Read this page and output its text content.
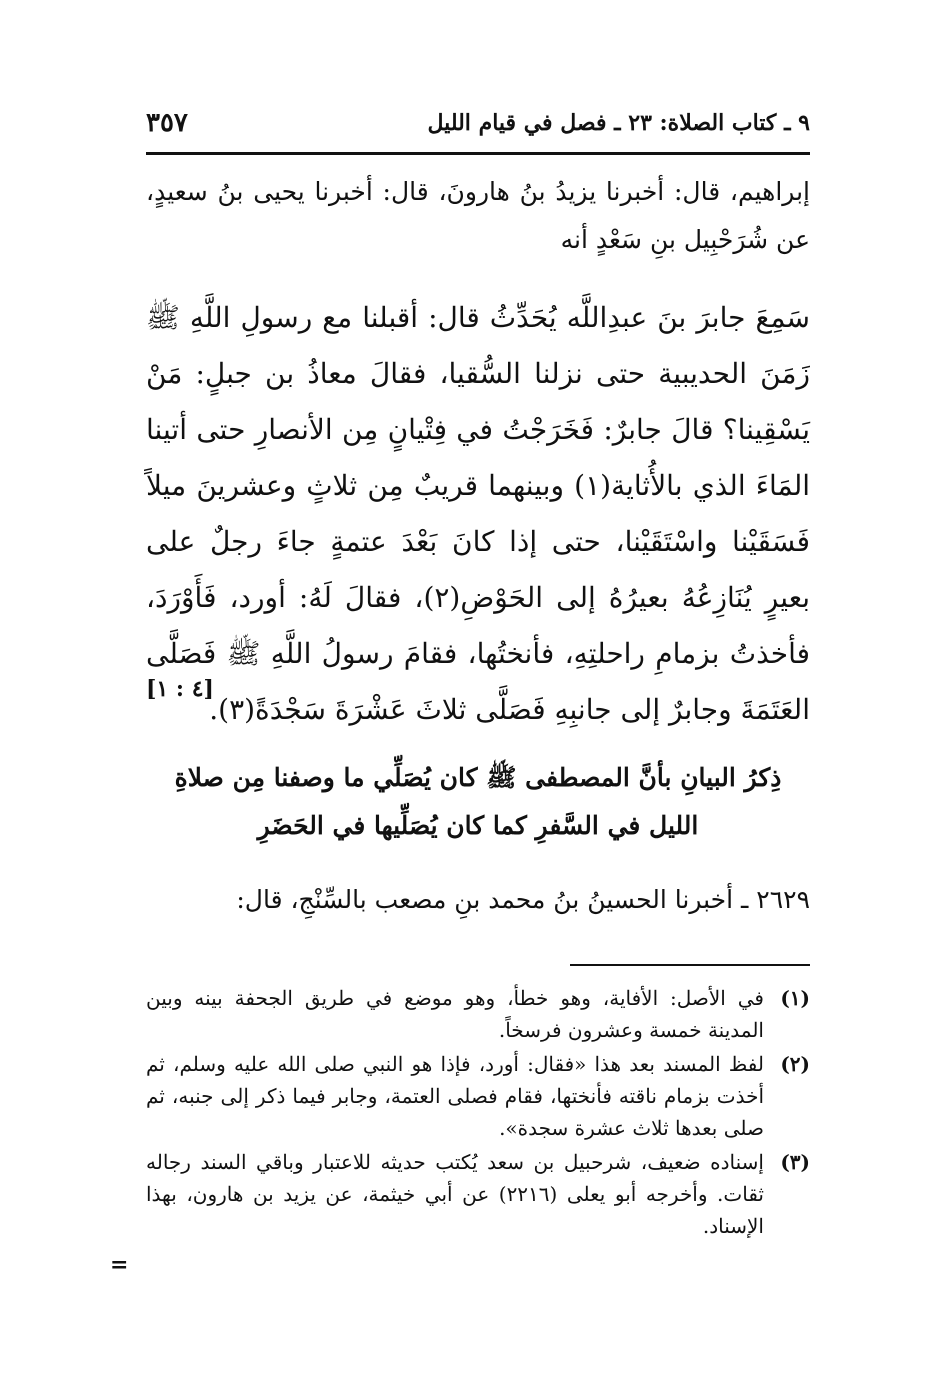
٩ ـ كتاب الصلاة: ٢٣ ـ فصل في قيام الليل
٣٥٧
إبراهيم، قال: أخبرنا يزيدُ بنُ هارونَ، قال: أخبرنا يحيى بنُ سعيدٍ، عن شُرَحْبِيل بنِ سَعْدٍ أنه
سَمِعَ جابرَ بنَ عبدِاللَّه يُحَدِّثُ قال: أقبلنا مع رسولِ اللَّهِ ﷺ زَمَنَ الحديبية حتى نزلنا السُّقيا، فقالَ معاذُ بن جبلٍ: مَنْ يَسْقِينا؟ قالَ جابرٌ: فَخَرَجْتُ في فِتْيانٍ مِن الأنصارِ حتى أتينا المَاءَ الذي بالأُثاية(١) وبينهما قريبٌ مِن ثلاثٍ وعشرينَ ميلاً فَسَقَيْنا واسْتَقَيْنا، حتى إذا كانَ بَعْدَ عتمةٍ جاءَ رجلٌ على بعيرٍ يُنَازِعُهُ بعيرُهُ إلى الحَوْضِ(٢)، فقالَ لَهُ: أورد، فَأَوْرَدَ، فأخذتُ بزمامِ راحلتِهِ، فأنختُها، فقامَ رسولُ اللَّهِ ﷺ فَصَلَّى العَتَمَةَ وجابرٌ إلى جانبِهِ فَصَلَّى ثلاثَ عَشْرَةَ سَجْدَةً(٣).
[٤ : ١]
ذِكرُ البيانِ بأنَّ المصطفى ﷺ كان يُصَلِّي ما وصفنا مِن صلاةِ
الليل في السَّفرِ كما كان يُصَلِّيها في الحَضَرِ
٢٦٢٩ ـ أخبرنا الحسينُ بنُ محمد بنِ مصعب بالسِّنْجِ، قال:
(١)
في الأصل: الأفاية، وهو خطأ، وهو موضع في طريق الجحفة بينه وبين المدينة خمسة وعشرون فرسخاً.
(٢)
لفظ المسند بعد هذا «فقال: أورد، فإذا هو النبي صلى الله عليه وسلم، ثم أخذت بزمام ناقته فأنختها، فقام فصلى العتمة، وجابر فيما ذكر إلى جنبه، ثم صلى بعدها ثلاث عشرة سجدة».
(٣)
إسناده ضعيف، شرحبيل بن سعد يُكتب حديثه للاعتبار وباقي السند رجاله ثقات. وأخرجه أبو يعلى (٢٢١٦) عن أبي خيثمة، عن يزيد بن هارون، بهذا الإسناد.
=
